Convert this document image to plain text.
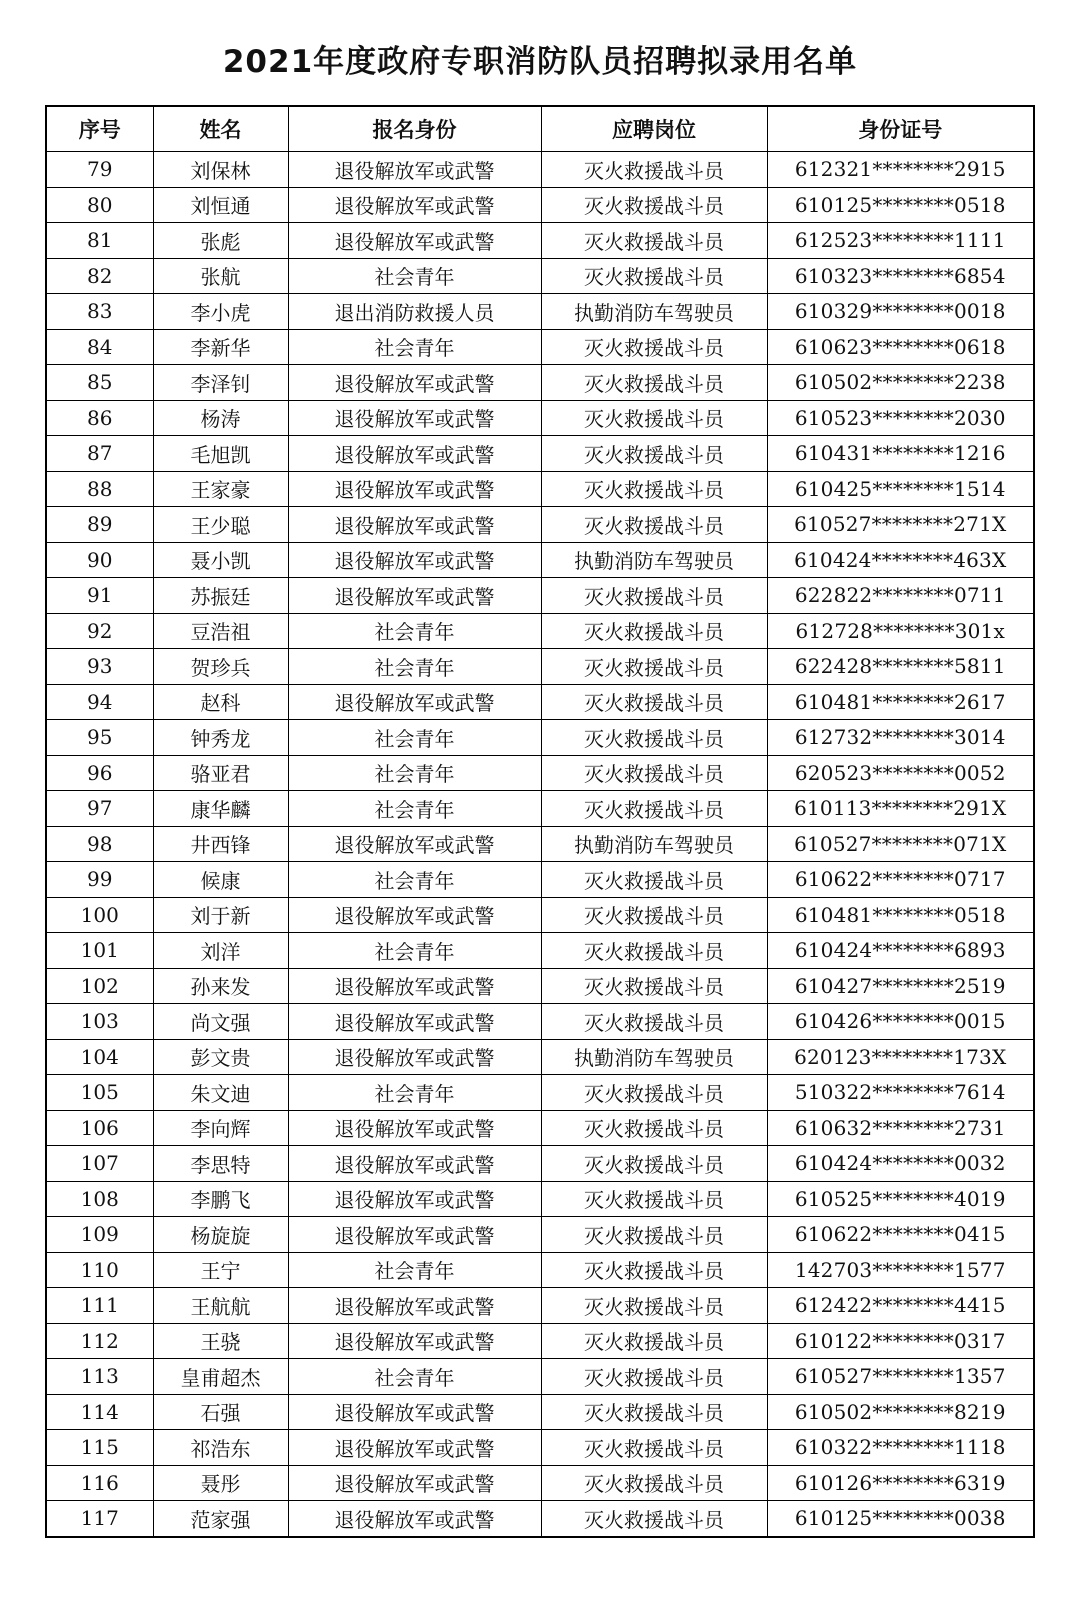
2021年度政府专职消防队员招聘拟录用名单
序号	姓名	报名身份	应聘岗位	身份证号
79	刘保林	退役解放军或武警	灭火救援战斗员	612321********2915
80	刘恒通	退役解放军或武警	灭火救援战斗员	610125********0518
81	张彪	退役解放军或武警	灭火救援战斗员	612523********1111
82	张航	社会青年	灭火救援战斗员	610323********6854
83	李小虎	退出消防救援人员	执勤消防车驾驶员	610329********0018
84	李新华	社会青年	灭火救援战斗员	610623********0618
85	李泽钊	退役解放军或武警	灭火救援战斗员	610502********2238
86	杨涛	退役解放军或武警	灭火救援战斗员	610523********2030
87	毛旭凯	退役解放军或武警	灭火救援战斗员	610431********1216
88	王家豪	退役解放军或武警	灭火救援战斗员	610425********1514
89	王少聪	退役解放军或武警	灭火救援战斗员	610527********271X
90	聂小凯	退役解放军或武警	执勤消防车驾驶员	610424********463X
91	苏振廷	退役解放军或武警	灭火救援战斗员	622822********0711
92	豆浩祖	社会青年	灭火救援战斗员	612728********301x
93	贺珍兵	社会青年	灭火救援战斗员	622428********5811
94	赵科	退役解放军或武警	灭火救援战斗员	610481********2617
95	钟秀龙	社会青年	灭火救援战斗员	612732********3014
96	骆亚君	社会青年	灭火救援战斗员	620523********0052
97	康华麟	社会青年	灭火救援战斗员	610113********291X
98	井西锋	退役解放军或武警	执勤消防车驾驶员	610527********071X
99	候康	社会青年	灭火救援战斗员	610622********0717
100	刘于新	退役解放军或武警	灭火救援战斗员	610481********0518
101	刘洋	社会青年	灭火救援战斗员	610424********6893
102	孙来发	退役解放军或武警	灭火救援战斗员	610427********2519
103	尚文强	退役解放军或武警	灭火救援战斗员	610426********0015
104	彭文贵	退役解放军或武警	执勤消防车驾驶员	620123********173X
105	朱文迪	社会青年	灭火救援战斗员	510322********7614
106	李向辉	退役解放军或武警	灭火救援战斗员	610632********2731
107	李思特	退役解放军或武警	灭火救援战斗员	610424********0032
108	李鹏飞	退役解放军或武警	灭火救援战斗员	610525********4019
109	杨旋旋	退役解放军或武警	灭火救援战斗员	610622********0415
110	王宁	社会青年	灭火救援战斗员	142703********1577
111	王航航	退役解放军或武警	灭火救援战斗员	612422********4415
112	王骁	退役解放军或武警	灭火救援战斗员	610122********0317
113	皇甫超杰	社会青年	灭火救援战斗员	610527********1357
114	石强	退役解放军或武警	灭火救援战斗员	610502********8219
115	祁浩东	退役解放军或武警	灭火救援战斗员	610322********1118
116	聂彤	退役解放军或武警	灭火救援战斗员	610126********6319
117	范家强	退役解放军或武警	灭火救援战斗员	610125********0038
